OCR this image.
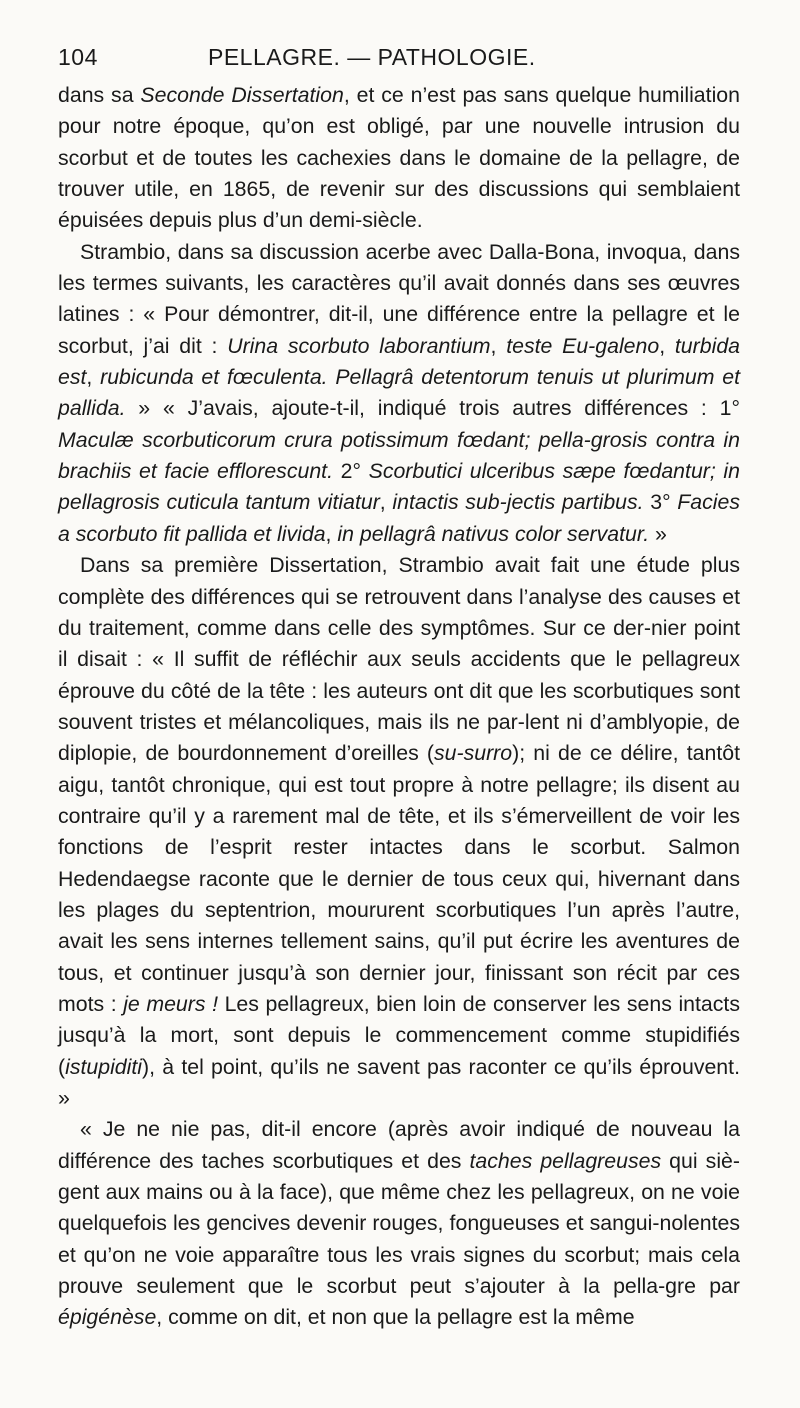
104	PELLAGRE. — PATHOLOGIE.

dans sa Seconde Dissertation, et ce n’est pas sans quelque humiliation pour notre époque, qu’on est obligé, par une nouvelle intrusion du scorbut et de toutes les cachexies dans le domaine de la pellagre, de trouver utile, en 1865, de revenir sur des discussions qui semblaient épuisées depuis plus d’un demi-siècle.

Strambio, dans sa discussion acerbe avec Dalla-Bona, invoqua, dans les termes suivants, les caractères qu’il avait donnés dans ses œuvres latines : « Pour démontrer, dit-il, une différence entre la pellagre et le scorbut, j’ai dit : Urina scorbuto laborantium, teste Eu-galeno, turbida est, rubicunda et fœculenta. Pellagrâ detentorum tenuis ut plurimum et pallida. » « J’avais, ajoute-t-il, indiqué trois autres différences : 1° Maculæ scorbuticorum crura potissimum fœdant; pella-grosis contra in brachiis et facie efflorescunt. 2° Scorbutici ulceribus sæpe fœdantur; in pellagrosis cuticula tantum vitiatur, intactis sub-jectis partibus. 3° Facies a scorbuto fit pallida et livida, in pellagrâ nativus color servatur. »

Dans sa première Dissertation, Strambio avait fait une étude plus complète des différences qui se retrouvent dans l’analyse des causes et du traitement, comme dans celle des symptômes. Sur ce der-nier point il disait : « Il suffit de réfléchir aux seuls accidents que le pellagreux éprouve du côté de la tête : les auteurs ont dit que les scorbutiques sont souvent tristes et mélancoliques, mais ils ne par-lent ni d’amblyopie, de diplopie, de bourdonnement d’oreilles (su-surro); ni de ce délire, tantôt aigu, tantôt chronique, qui est tout propre à notre pellagre; ils disent au contraire qu’il y a rarement mal de tête, et ils s’émerveillent de voir les fonctions de l’esprit rester intactes dans le scorbut. Salmon Hedendaegse raconte que le dernier de tous ceux qui, hivernant dans les plages du septentrion, moururent scorbutiques l’un après l’autre, avait les sens internes tellement sains, qu’il put écrire les aventures de tous, et continuer jusqu’à son dernier jour, finissant son récit par ces mots : je meurs ! Les pellagreux, bien loin de conserver les sens intacts jusqu’à la mort, sont depuis le commencement comme stupidifiés (istupiditi), à tel point, qu’ils ne savent pas raconter ce qu’ils éprouvent. »

« Je ne nie pas, dit-il encore (après avoir indiqué de nouveau la différence des taches scorbutiques et des taches pellagreuses qui siè-gent aux mains ou à la face), que même chez les pellagreux, on ne voie quelquefois les gencives devenir rouges, fongueuses et sangui-nolentes et qu’on ne voie apparaître tous les vrais signes du scorbut; mais cela prouve seulement que le scorbut peut s’ajouter à la pella-gre par épigénèse, comme on dit, et non que la pellagre est la même
